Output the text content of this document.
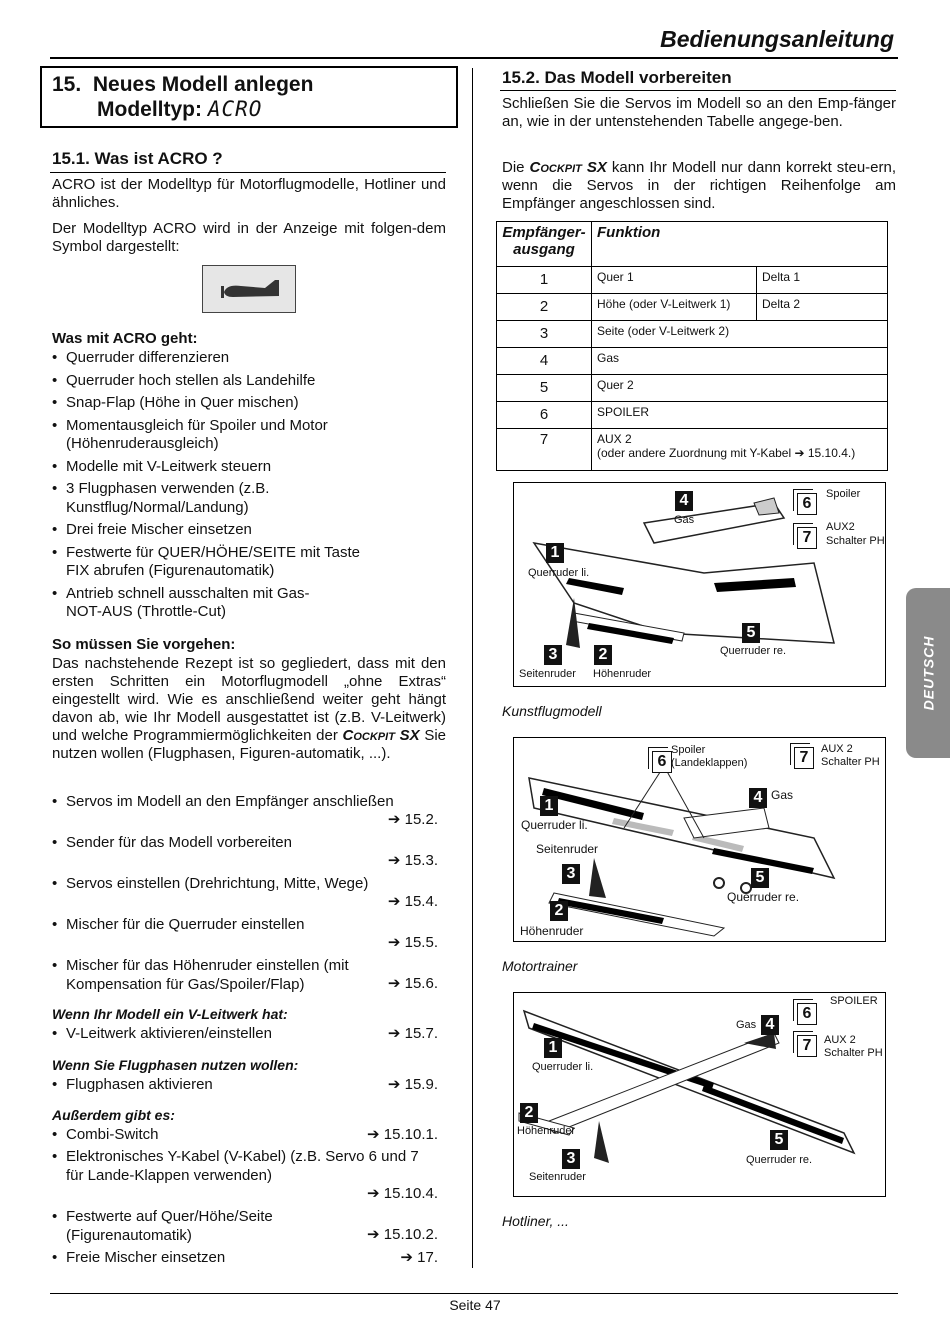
Bedienungsanleitung
DEUTSCH
15. Neues Modell anlegen
Modelltyp: ACRO
15.1. Was ist ACRO ?
ACRO ist der Modelltyp für Motorflugmodelle, Hotliner und ähnliches.
Der Modelltyp ACRO wird in der Anzeige mit folgen-dem Symbol dargestellt:
Was mit ACRO geht:
• Querruder differenzieren
• Querruder hoch stellen als Landehilfe
• Snap-Flap (Höhe in Quer mischen)
• Momentausgleich für Spoiler und Motor (Höhenruderausgleich)
• Modelle mit V-Leitwerk steuern
• 3 Flugphasen verwenden (z.B. Kunstflug/Normal/Landung)
• Drei freie Mischer einsetzen
• Festwerte für QUER/HÖHE/SEITE mit Taste FIX abrufen (Figurenautomatik)
• Antrieb schnell ausschalten mit Gas-NOT-AUS (Throttle-Cut)
So müssen Sie vorgehen:
Das nachstehende Rezept ist so gegliedert, dass mit den ersten Schritten ein Motorflugmodell „ohne Extras“ eingestellt wird. Wie es anschließend weiter geht hängt davon ab, wie Ihr Modell ausgestattet ist (z.B. V-Leitwerk) und welche Programmiermöglichkeiten der Cockpit SX Sie nutzen wollen (Flugphasen, Figuren-automatik, ...).
• Servos im Modell an den Empfänger anschließen
➔ 15.2.
• Sender für das Modell vorbereiten
➔ 15.3.
• Servos einstellen (Drehrichtung, Mitte, Wege)
➔ 15.4.
• Mischer für die Querruder einstellen
➔ 15.5.
• Mischer für das Höhenruder einstellen (mit Kompensation für Gas/Spoiler/Flap)	➔ 15.6.
Wenn Ihr Modell ein V-Leitwerk hat:
• V-Leitwerk aktivieren/einstellen	➔ 15.7.
Wenn Sie Flugphasen nutzen wollen:
• Flugphasen aktivieren	➔ 15.9.
Außerdem gibt es:
• Combi-Switch	➔ 15.10.1.
• Elektronisches Y-Kabel (V-Kabel) (z.B. Servo 6 und 7 für Lande-Klappen verwenden)
➔ 15.10.4.
• Festwerte auf Quer/Höhe/Seite (Figurenautomatik)	➔ 15.10.2.
• Freie Mischer einsetzen	➔ 17.
15.2. Das Modell vorbereiten
Schließen Sie die Servos im Modell so an den Emp-fänger an, wie in der untenstehenden Tabelle angege-ben.
Die Cockpit SX kann Ihr Modell nur dann korrekt steu-ern, wenn die Servos in der richtigen Reihenfolge am Empfänger angeschlossen sind.
Empfänger-ausgang	Funktion	
1	Quer 1	Delta 1
2	Höhe (oder V-Leitwerk 1)	Delta 2
3	Seite (oder V-Leitwerk 2)	
4	Gas	
5	Quer 2	
6	SPOILER	
7	AUX 2
(oder andere Zuordnung mit Y-Kabel ➔ 15.10.4.)	
4
Gas
6
Spoiler
7
AUX2
Schalter PH
1
Querruder li.
5
Querruder re.
3
Seitenruder
2
Höhenruder
Kunstflugmodell
6
Spoiler
(Landeklappen)	7	AUX 2
Schalter PH
4 Gas
1
Querruder li.
Seitenruder
3	5
Querruder re.
2
Höhenruder
Motortrainer
SPOILER
6
Gas 4
7	AUX 2
Schalter PH
1
Querruder li.
2
Höhenruder	5
Querruder re.
3
Seitenruder
Hotliner, ...
Seite 47
